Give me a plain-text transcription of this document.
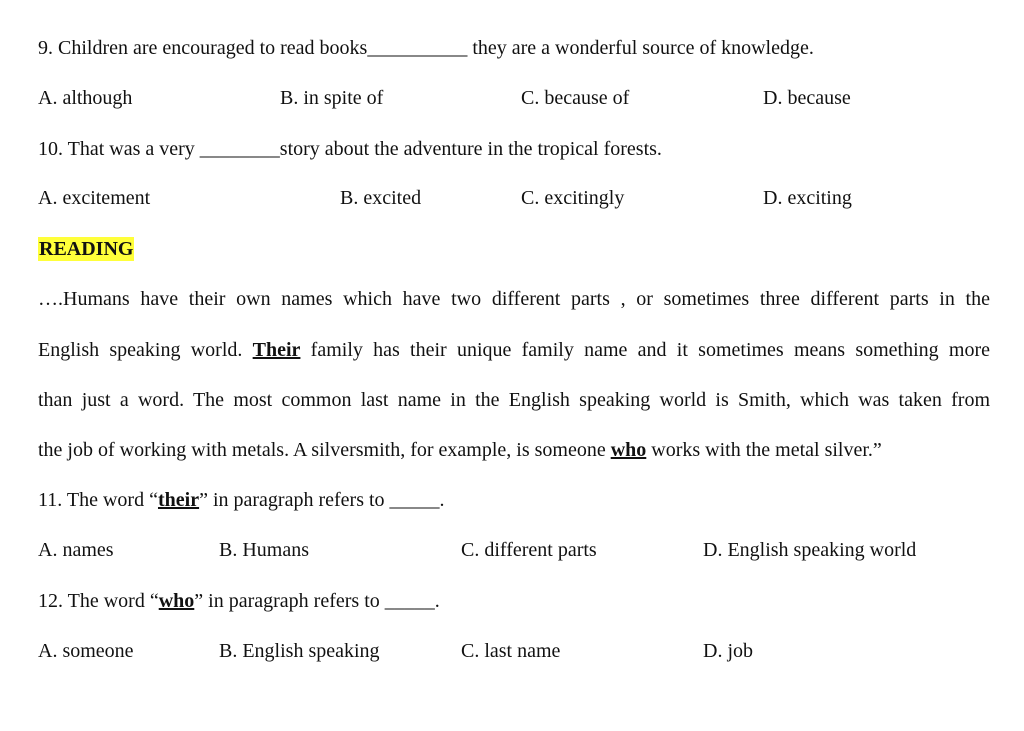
9. Children are encouraged to read books__________ they are a wonderful source of knowledge.
A. although	B. in spite of	C. because of	D. because
10. That was a very ________story about the adventure in the tropical forests.
A. excitement	B. excited	C. excitingly	D. exciting
READING
….Humans have their own names which have two different parts , or sometimes three different parts in the
English speaking world. Their family has their unique family name and it sometimes means something more
than just a word. The most common last name in the English speaking world is Smith, which was taken from
the job of working with metals. A silversmith, for example, is someone who works with the metal silver.”
11. The word “their” in paragraph refers to _____.
A. names	B. Humans	C. different parts	D. English speaking world
12. The word “who” in paragraph refers to _____.
A. someone	B. English speaking	C. last name	D. job
